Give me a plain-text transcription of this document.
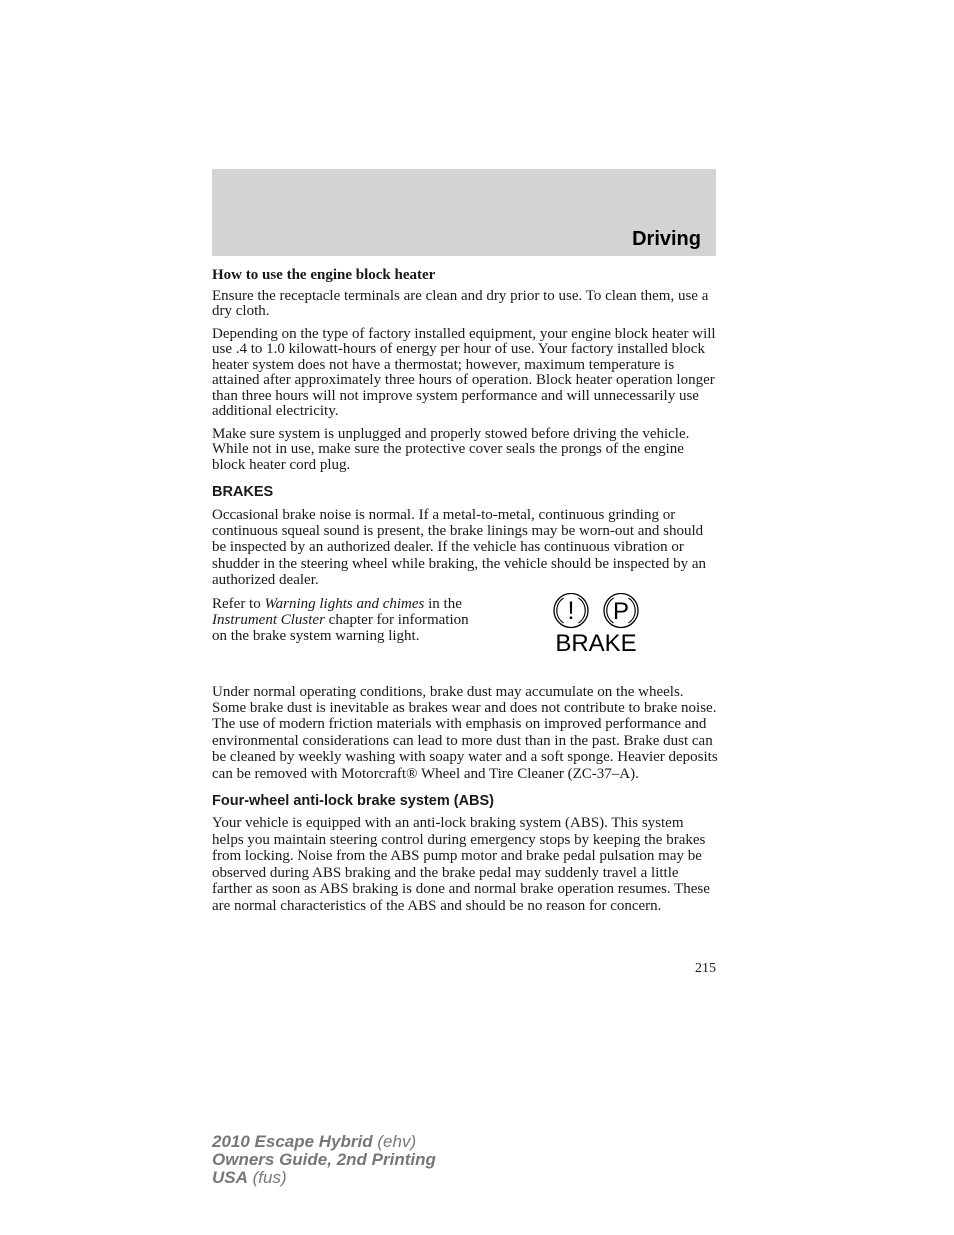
Driving
How to use the engine block heater

Ensure the receptacle terminals are clean and dry prior to use. To clean them, use a dry cloth.

Depending on the type of factory installed equipment, your engine block heater will use .4 to 1.0 kilowatt-hours of energy per hour of use. Your factory installed block heater system does not have a thermostat; however, maximum temperature is attained after approximately three hours of operation. Block heater operation longer than three hours will not improve system performance and will unnecessarily use additional electricity.

Make sure system is unplugged and properly stowed before driving the vehicle. While not in use, make sure the protective cover seals the prongs of the engine block heater cord plug.

BRAKES

Occasional brake noise is normal. If a metal-to-metal, continuous grinding or continuous squeal sound is present, the brake linings may be worn-out and should be inspected by an authorized dealer. If the vehicle has continuous vibration or shudder in the steering wheel while braking, the vehicle should be inspected by an authorized dealer.

Refer to Warning lights and chimes in the Instrument Cluster chapter for information on the brake system warning light.
! P
BRAKE

Under normal operating conditions, brake dust may accumulate on the wheels. Some brake dust is inevitable as brakes wear and does not contribute to brake noise. The use of modern friction materials with emphasis on improved performance and environmental considerations can lead to more dust than in the past. Brake dust can be cleaned by weekly washing with soapy water and a soft sponge. Heavier deposits can be removed with Motorcraft® Wheel and Tire Cleaner (ZC-37–A).

Four-wheel anti-lock brake system (ABS)

Your vehicle is equipped with an anti-lock braking system (ABS). This system helps you maintain steering control during emergency stops by keeping the brakes from locking. Noise from the ABS pump motor and brake pedal pulsation may be observed during ABS braking and the brake pedal may suddenly travel a little farther as soon as ABS braking is done and normal brake operation resumes. These are normal characteristics of the ABS and should be no reason for concern.

215
2010 Escape Hybrid (ehv)
Owners Guide, 2nd Printing
USA (fus)
